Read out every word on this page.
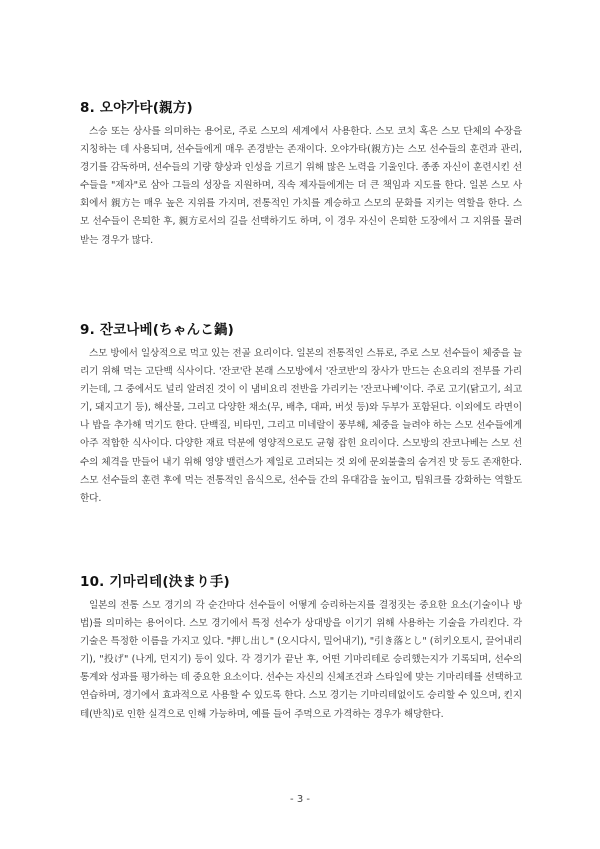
8. 오야가타(親方)

스승 또는 상사를 의미하는 용어로, 주로 스모의 세계에서 사용한다. 스모 코치 혹은 스모 단체의 수장을 지칭하는 데 사용되며, 선수들에게 매우 존경받는 존재이다. 오야가타(親方)는 스모 선수들의 훈련과 관리, 경기를 감독하며, 선수들의 기량 향상과 인성을 기르기 위해 많은 노력을 기울인다. 종종 자신이 훈련시킨 선수들을 "제자"로 삼아 그들의 성장을 지원하며, 직속 제자들에게는 더 큰 책임과 지도를 한다. 일본 스모 사회에서 親方는 매우 높은 지위를 가지며, 전통적인 가치를 계승하고 스모의 문화를 지키는 역할을 한다. 스모 선수들이 은퇴한 후, 親方로서의 길을 선택하기도 하며, 이 경우 자신이 은퇴한 도장에서 그 지위를 물려받는 경우가 많다.

9. 잔코나베(ちゃんこ鍋)

스모 방에서 일상적으로 먹고 있는 전골 요리이다. 일본의 전통적인 스튜로, 주로 스모 선수들이 체중을 늘리기 위해 먹는 고단백 식사이다. '잔코'란 본래 스모방에서 '잔코반'의 장사가 만드는 손요리의 전부를 가리키는데, 그 중에서도 널리 알려진 것이 이 냄비요리 전반을 가리키는 '잔코나베'이다. 주로 고기(닭고기, 쇠고기, 돼지고기 등), 해산물, 그리고 다양한 채소(무, 배추, 대파, 버섯 등)와 두부가 포함된다. 이외에도 라면이나 밥을 추가해 먹기도 한다. 단백질, 비타민, 그리고 미네랄이 풍부해, 체중을 늘려야 하는 스모 선수들에게 아주 적합한 식사이다. 다양한 재료 덕분에 영양적으로도 균형 잡힌 요리이다. 스모방의 잔코나베는 스모 선수의 체격을 만들어 내기 위해 영양 밸런스가 제일로 고려되는 것 외에 문외불출의 숨겨진 맛 등도 존재한다. 스모 선수들의 훈련 후에 먹는 전통적인 음식으로, 선수들 간의 유대감을 높이고, 팀워크를 강화하는 역할도 한다.

10. 기마리테(決まり手)

일본의 전통 스모 경기의 각 순간마다 선수들이 어떻게 승리하는지를 결정짓는 중요한 요소(기술이나 방법)를 의미하는 용어이다. 스모 경기에서 특정 선수가 상대방을 이기기 위해 사용하는 기술을 가리킨다. 각 기술은 특정한 이름을 가지고 있다. "押し出し" (오시다시, 밀어내기), "引き落とし" (히키오토시, 끌어내리기), "投げ" (나게, 던지기) 등이 있다. 각 경기가 끝난 후, 어떤 기마리테로 승리했는지가 기록되며, 선수의 통계와 성과를 평가하는 데 중요한 요소이다. 선수는 자신의 신체조건과 스타일에 맞는 기마리테를 선택하고 연습하며, 경기에서 효과적으로 사용할 수 있도록 한다. 스모 경기는 기마리테없이도 승리할 수 있으며, 킨지테(반칙)로 인한 실격으로 인해 가능하며, 예를 들어 주먹으로 가격하는 경우가 해당한다.

- 3 -
